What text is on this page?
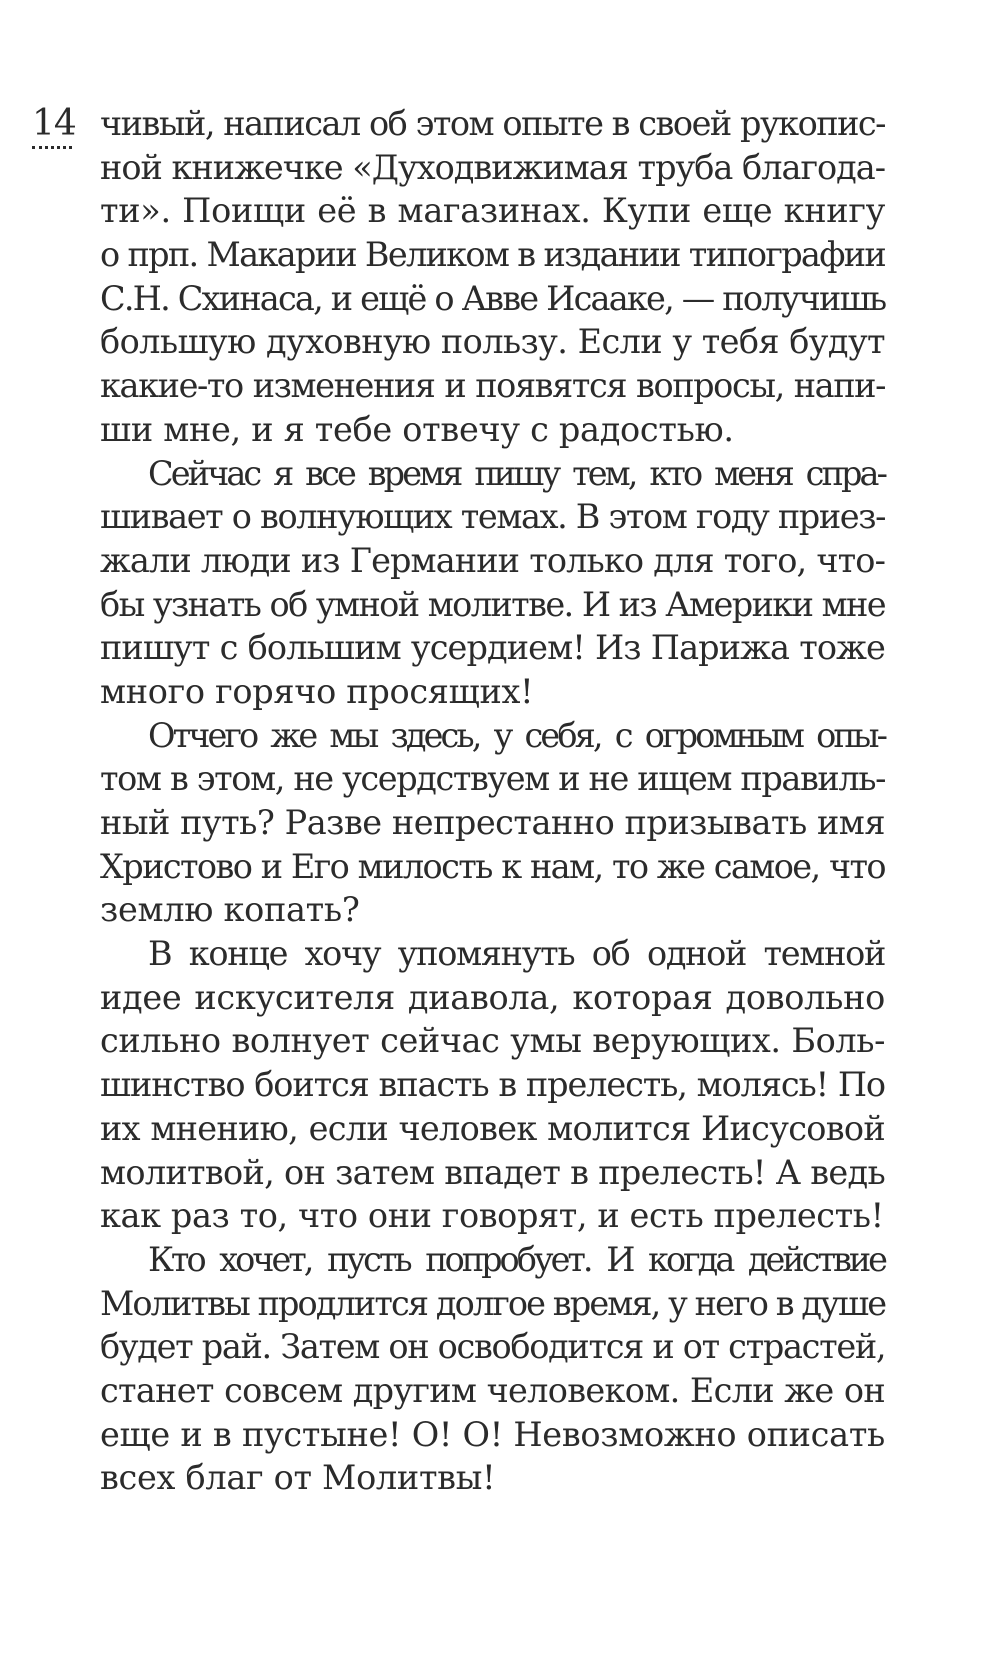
14 чивый, написал об этом опыте в своей рукопис-
ной книжечке «Духодвижимая труба благода-
ти». Поищи её в магазинах. Купи еще книгу
о прп. Макарии Великом в издании типографии
С.Н. Схинаса, и ещё о Авве Исааке, — получишь
большую духовную пользу. Если у тебя будут
какие-то изменения и появятся вопросы, напи-
ши мне, и я тебе отвечу с радостью.
Сейчас я все время пишу тем, кто меня спра-
шивает о волнующих темах. В этом году приез-
жали люди из Германии только для того, что-
бы узнать об умной молитве. И из Америки мне
пишут с большим усердием! Из Парижа тоже
много горячо просящих!
Отчего же мы здесь, у себя, с огромным опы-
том в этом, не усердствуем и не ищем правиль-
ный путь? Разве непрестанно призывать имя
Христово и Его милость к нам, то же самое, что
землю копать?
В конце хочу упомянуть об одной темной
идее искусителя диавола, которая довольно
сильно волнует сейчас умы верующих. Боль-
шинство боится впасть в прелесть, молясь! По
их мнению, если человек молится Иисусовой
молитвой, он затем впадет в прелесть! А ведь
как раз то, что они говорят, и есть прелесть!
Кто хочет, пусть попробует. И когда действие
Молитвы продлится долгое время, у него в душе
будет рай. Затем он освободится и от страстей,
станет совсем другим человеком. Если же он
еще и в пустыне! О! О! Невозможно описать
всех благ от Молитвы!
